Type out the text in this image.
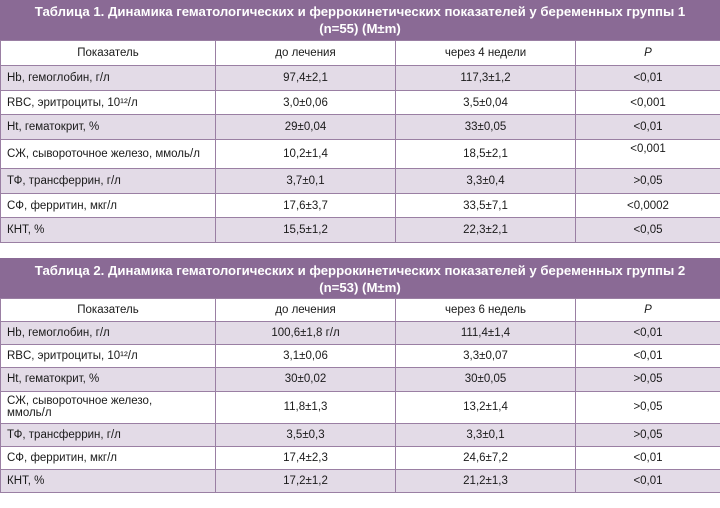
Таблица 1. Динамика гематологических и феррокинетических показателей у беременных группы 1
(n=55) (M±m)
Показатель	до лечения	через 4 недели	P
Hb, гемоглобин, г/л	97,4±2,1	117,3±1,2	<0,01
RBC, эритроциты, 10¹²/л	3,0±0,06	3,5±0,04	<0,001
Ht, гематокрит, %	29±0,04	33±0,05	<0,01
СЖ, сывороточное железо, ммоль/л	10,2±1,4	18,5±2,1	<0,001
ТФ, трансферрин, г/л	3,7±0,1	3,3±0,4	>0,05
СФ, ферритин, мкг/л	17,6±3,7	33,5±7,1	<0,0002
КНТ, %	15,5±1,2	22,3±2,1	<0,05
Таблица 2. Динамика гематологических и феррокинетических показателей у беременных группы 2
(n=53) (M±m)
Показатель	до лечения	через 6 недель	P
Hb, гемоглобин, г/л	100,6±1,8 г/л	111,4±1,4	<0,01
RBC, эритроциты, 10¹²/л	3,1±0,06	3,3±0,07	<0,01
Ht, гематокрит, %	30±0,02	30±0,05	>0,05
СЖ, сывороточное железо, ммоль/л	11,8±1,3	13,2±1,4	>0,05
ТФ, трансферрин, г/л	3,5±0,3	3,3±0,1	>0,05
СФ, ферритин, мкг/л	17,4±2,3	24,6±7,2	<0,01
КНТ, %	17,2±1,2	21,2±1,3	<0,01
